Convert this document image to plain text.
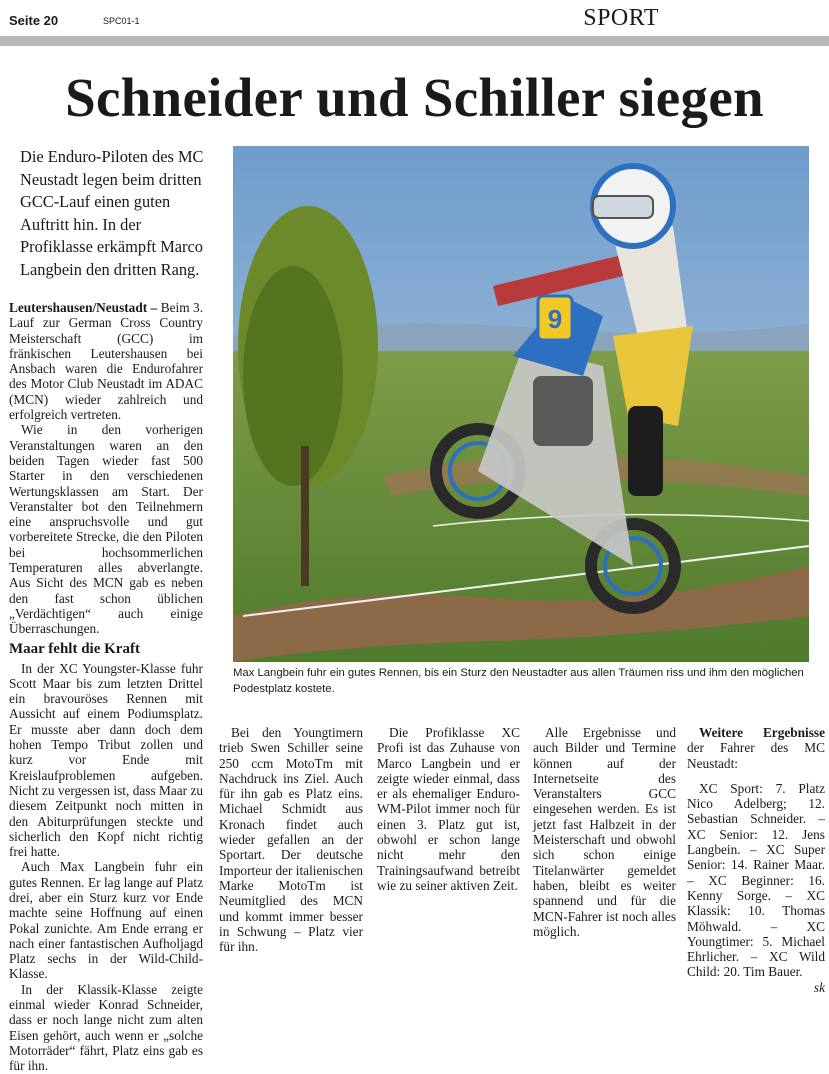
Seite 20	SPC01-1	SPORT
Schneider und Schiller siegen
Die Enduro-Piloten des MC Neustadt legen beim dritten GCC-Lauf einen guten Auftritt hin. In der Profiklasse erkämpft Marco Langbein den dritten Rang.
9
Max Langbein fuhr ein gutes Rennen, bis ein Sturz den Neustadter aus allen Träumen riss und ihm den möglichen Podestplatz kostete.

Leutershausen/Neustadt – Beim 3. Lauf zur German Cross Country Meisterschaft (GCC) im fränkischen Leutershausen bei Ansbach waren die Endurofahrer des Motor Club Neustadt im ADAC (MCN) wieder zahlreich und erfolgreich vertreten.

Wie in den vorherigen Veranstaltungen waren an den beiden Tagen wieder fast 500 Starter in den verschiedenen Wertungsklassen am Start. Der Veranstalter bot den Teilnehmern eine anspruchsvolle und gut vorbereitete Strecke, die den Piloten bei hochsommerlichen Temperaturen alles abverlangte. Aus Sicht des MCN gab es neben den fast schon üblichen „Verdächtigen“ auch einige Überraschungen.

Maar fehlt die Kraft

In der XC Youngster-Klasse fuhr Scott Maar bis zum letzten Drittel ein bravouröses Rennen mit Aussicht auf einem Podiumsplatz. Er musste aber dann doch dem hohen Tempo Tribut zollen und kurz vor Ende mit Kreislaufproblemen aufgeben. Nicht zu vergessen ist, dass Maar zu diesem Zeitpunkt noch mitten in den Abiturprüfungen steckte und sicherlich den Kopf nicht richtig frei hatte.

Auch Max Langbein fuhr ein gutes Rennen. Er lag lange auf Platz drei, aber ein Sturz kurz vor Ende machte seine Hoffnung auf einen Pokal zunichte. Am Ende errang er nach einer fantastischen Aufholjagd Platz sechs in der Wild-Child-Klasse.

In der Klassik-Klasse zeigte einmal wieder Konrad Schneider, dass er noch lange nicht zum alten Eisen gehört, auch wenn er „solche Motorräder“ fährt, Platz eins gab es für ihn.

Bei den Youngtimern trieb Swen Schiller seine 250 ccm MotoTm mit Nachdruck ins Ziel. Auch für ihn gab es Platz eins. Michael Schmidt aus Kronach findet auch wieder gefallen an der Sportart. Der deutsche Importeur der italienischen Marke MotoTm ist Neumitglied des MCN und kommt immer besser in Schwung – Platz vier für ihn.

Die Profiklasse XC Profi ist das Zuhause von Marco Langbein und er zeigte wieder einmal, dass er als ehemaliger Enduro-WM-Pilot immer noch für einen 3. Platz gut ist, obwohl er schon lange nicht mehr den Trainingsaufwand betreibt wie zu seiner aktiven Zeit.

Alle Ergebnisse und auch Bilder und Termine können auf der Internetseite des Veranstalters GCC eingesehen werden. Es ist jetzt fast Halbzeit in der Meisterschaft und obwohl sich schon einige Titelanwärter gemeldet haben, bleibt es weiter spannend und für die MCN-Fahrer ist noch alles möglich.

Weitere Ergebnisse der Fahrer des MC Neustadt:

XC Sport: 7. Platz Nico Adelberg; 12. Sebastian Schneider. – XC Senior: 12. Jens Langbein. – XC Super Senior: 14. Rainer Maar. – XC Beginner: 16. Kenny Sorge. – XC Klassik: 10. Thomas Möhwald. – XC Youngtimer: 5. Michael Ehrlicher. – XC Wild Child: 20. Tim Bauer.

sk
